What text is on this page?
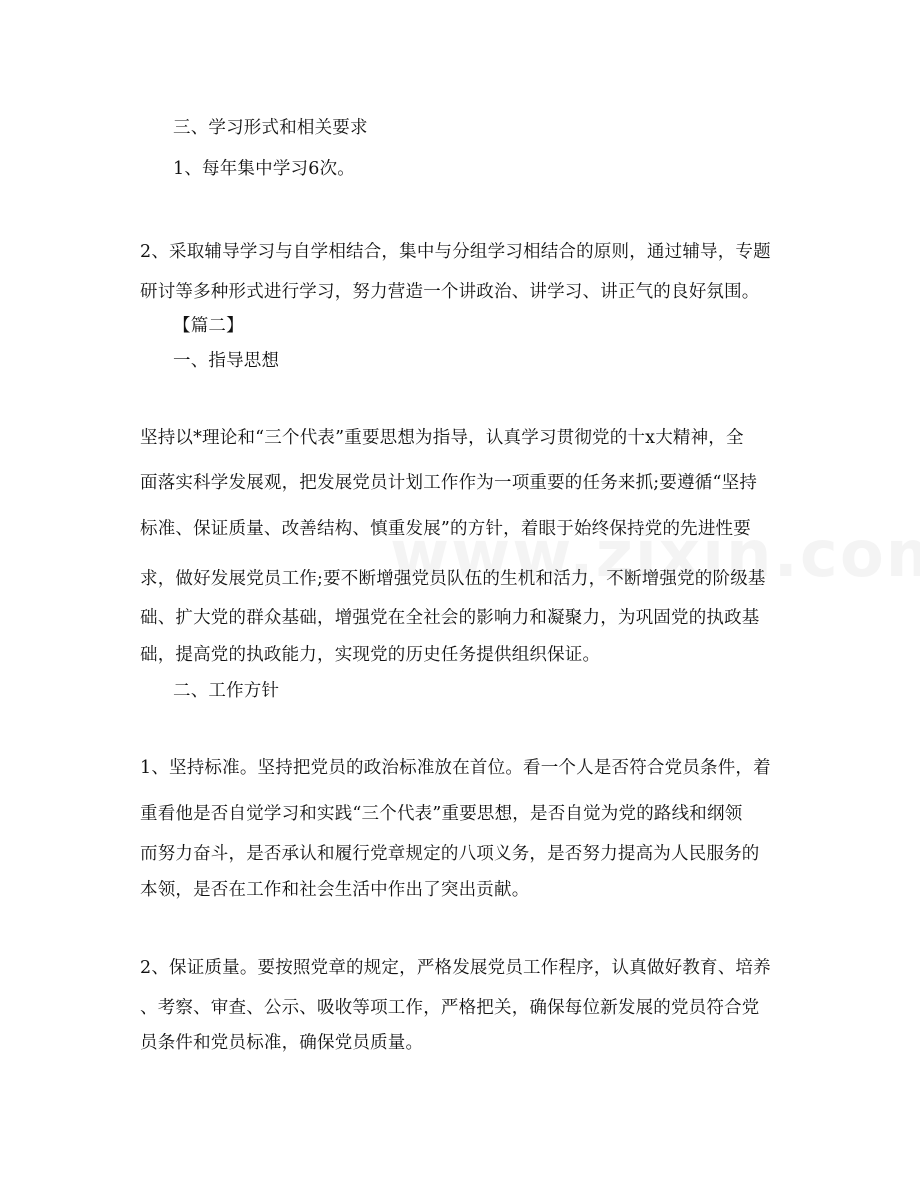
三、学习形式和相关要求
1、每年集中学习6次。
2、采取辅导学习与自学相结合，集中与分组学习相结合的原则，通过辅导，专题
研讨等多种形式进行学习，努力营造一个讲政治、讲学习、讲正气的良好氛围。
【篇二】
一、指导思想
坚持以*理论和“三个代表”重要思想为指导，认真学习贯彻党的十x大精神，全
面落实科学发展观，把发展党员计划工作作为一项重要的任务来抓;要遵循“坚持
标准、保证质量、改善结构、慎重发展”的方针，着眼于始终保持党的先进性要
求，做好发展党员工作;要不断增强党员队伍的生机和活力，不断增强党的阶级基
础、扩大党的群众基础，增强党在全社会的影响力和凝聚力，为巩固党的执政基
础，提高党的执政能力，实现党的历史任务提供组织保证。
二、工作方针
1、坚持标准。坚持把党员的政治标准放在首位。看一个人是否符合党员条件，着
重看他是否自觉学习和实践“三个代表”重要思想，是否自觉为党的路线和纲领
而努力奋斗，是否承认和履行党章规定的八项义务，是否努力提高为人民服务的
本领，是否在工作和社会生活中作出了突出贡献。
2、保证质量。要按照党章的规定，严格发展党员工作程序，认真做好教育、培养
、考察、审查、公示、吸收等项工作，严格把关，确保每位新发展的党员符合党
员条件和党员标准，确保党员质量。
